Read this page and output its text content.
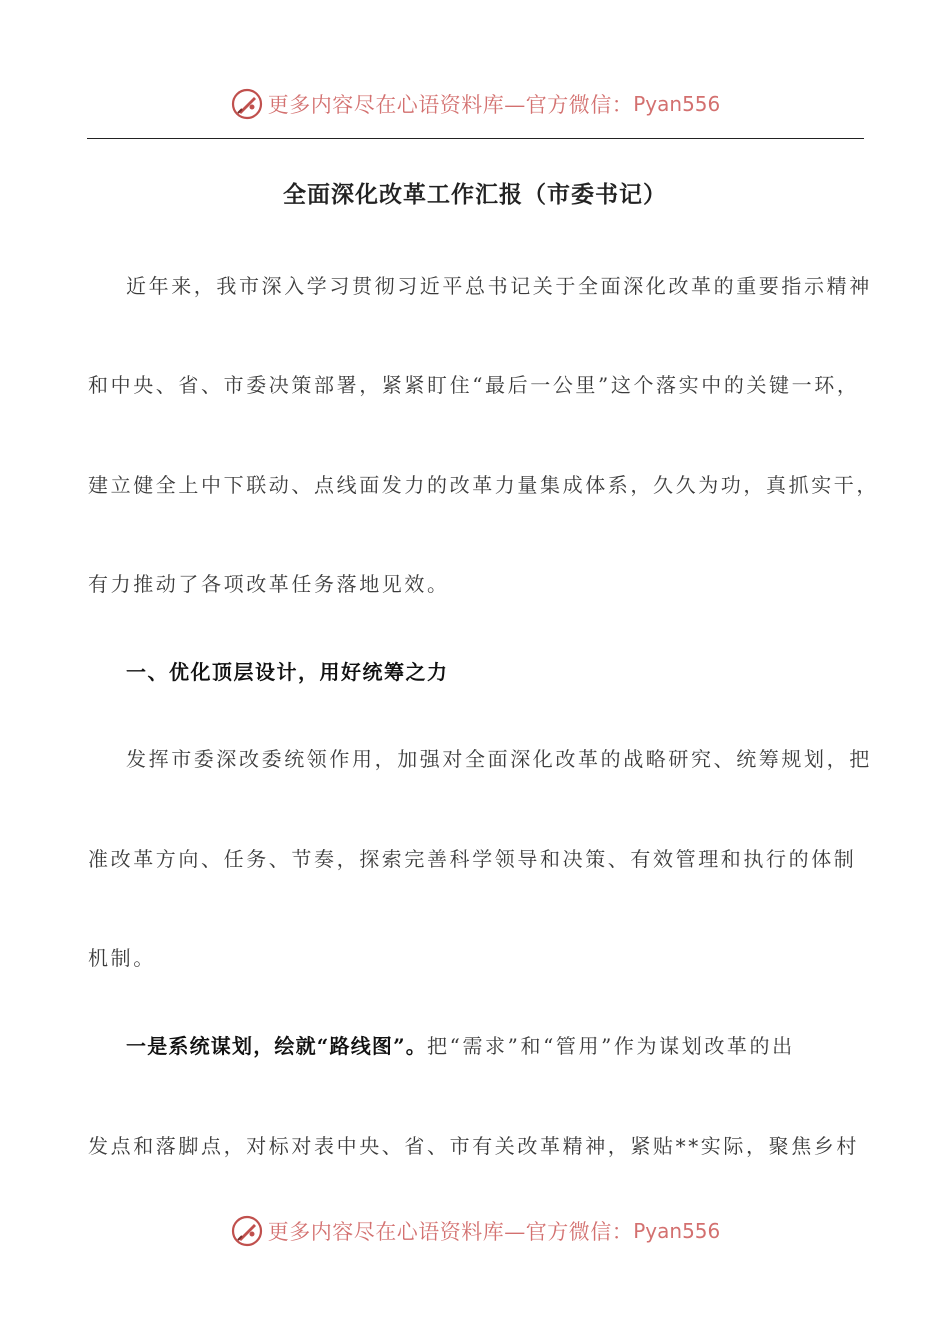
更多内容尽在心语资料库—官方微信： Pyan556
全面深化改革工作汇报（市委书记）
近年来，我市深入学习贯彻习近平总书记关于全面深化改革的重要指示精神
和中央、省、市委决策部署，紧紧盯住“最后一公里”这个落实中的关键一环，
建立健全上中下联动、点线面发力的改革力量集成体系，久久为功，真抓实干，
有力推动了各项改革任务落地见效。
一、优化顶层设计，用好统筹之力
发挥市委深改委统领作用，加强对全面深化改革的战略研究、统筹规划，把
准改革方向、任务、节奏，探索完善科学领导和决策、有效管理和执行的体制
机制。
一是系统谋划，绘就“路线图”。把“需求”和“管用”作为谋划改革的出
发点和落脚点，对标对表中央、省、市有关改革精神，紧贴**实际，聚焦乡村
更多内容尽在心语资料库—官方微信： Pyan556
